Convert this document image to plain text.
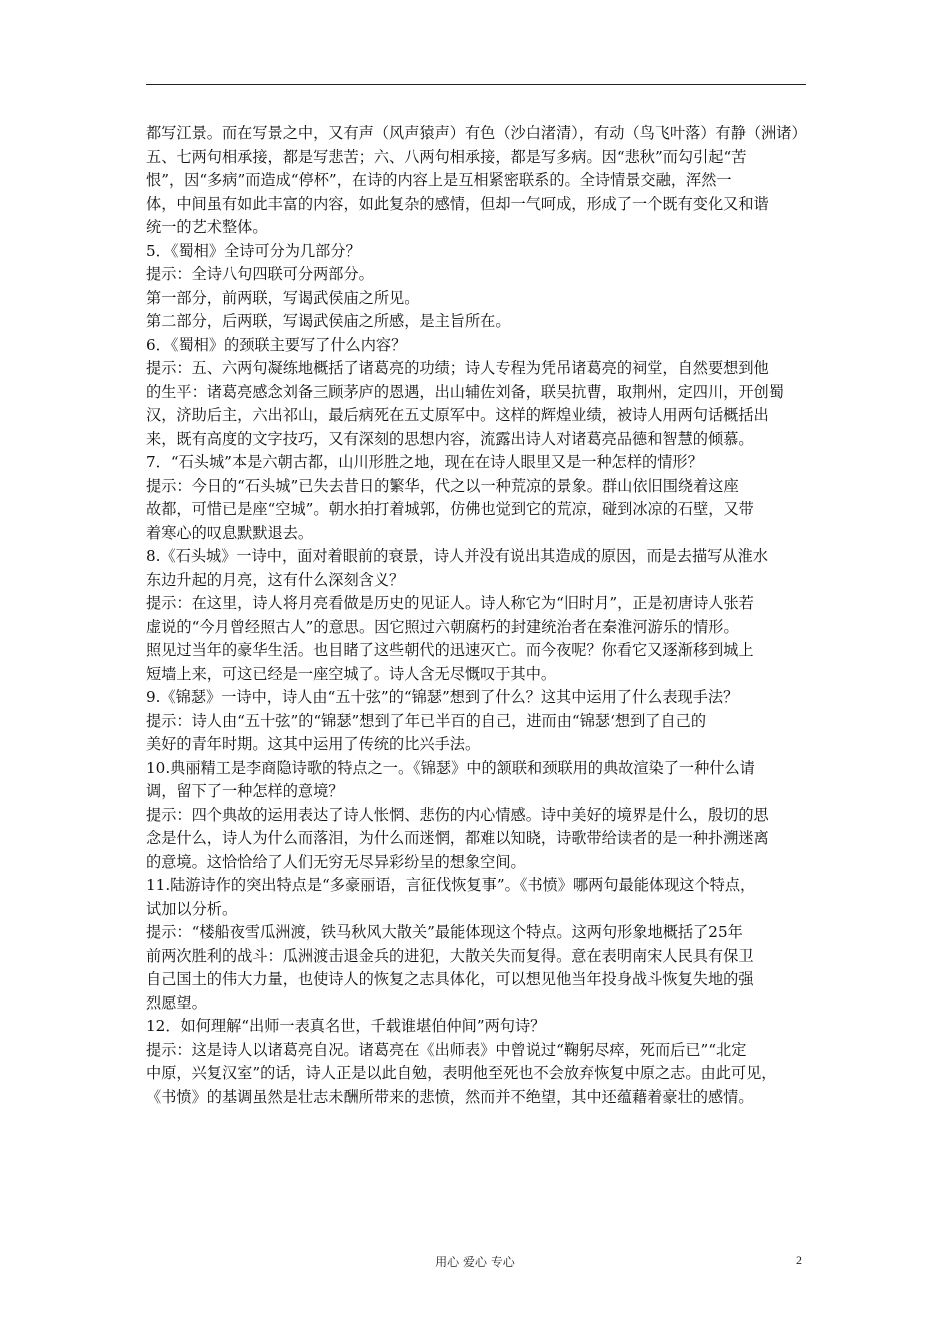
都写江景。而在写景之中，又有声（风声猿声）有色（沙白渚清），有动（鸟飞叶落）有静（洲诸）
五、七两句相承接，都是写悲苦；六、八两句相承接，都是写多病。因“悲秋”而勾引起“苦
恨”，因“多病”而造成“停杯”，在诗的内容上是互相紧密联系的。全诗情景交融，浑然一
体，中间虽有如此丰富的内容，如此复杂的感情，但却一气呵成，形成了一个既有变化又和谐
统一的艺术整体。
5．《蜀相》全诗可分为几部分？
提示：全诗八句四联可分两部分。
第一部分，前两联，写谒武侯庙之所见。
第二部分，后两联，写谒武侯庙之所感，是主旨所在。
6．《蜀相》的颈联主要写了什么内容？
提示：五、六两句凝练地概括了诸葛亮的功绩；诗人专程为凭吊诸葛亮的祠堂，自然要想到他
的生平：诸葛亮感念刘备三顾茅庐的恩遇，出山辅佐刘备，联吴抗曹，取荆州，定四川，开创蜀
汉，济助后主，六出祁山，最后病死在五丈原军中。这样的辉煌业绩，被诗人用两句话概括出
来，既有高度的文字技巧，又有深刻的思想内容，流露出诗人对诸葛亮品德和智慧的倾慕。
7．“石头城”本是六朝古都，山川形胜之地，现在在诗人眼里又是一种怎样的情形？
提示：今日的“石头城”已失去昔日的繁华，代之以一种荒凉的景象。群山依旧围绕着这座
故都，可惜已是座“空城”。朝水拍打着城郭，仿佛也觉到它的荒凉，碰到冰凉的石壁，又带
着寒心的叹息默默退去。
8.《石头城》一诗中，面对着眼前的衰景，诗人并没有说出其造成的原因，而是去描写从淮水
东边升起的月亮，这有什么深刻含义？
提示：在这里，诗人将月亮看做是历史的见证人。诗人称它为“旧时月”，正是初唐诗人张若
虚说的“今月曾经照古人”的意思。因它照过六朝腐朽的封建统治者在秦淮河游乐的情形。
照见过当年的豪华生活。也目睹了这些朝代的迅速灭亡。而今夜呢？你看它又逐渐移到城上
短墙上来，可这已经是一座空城了。诗人含无尽慨叹于其中。
9.《锦瑟》一诗中，诗人由“五十弦”的“锦瑟”想到了什么？这其中运用了什么表现手法？
提示：诗人由“五十弦”的“锦瑟”想到了年已半百的自己，进而由“锦瑟‘想到了自己的
美好的青年时期。这其中运用了传统的比兴手法。
10.典丽精工是李商隐诗歌的特点之一。《锦瑟》中的颔联和颈联用的典故渲染了一种什么请
调，留下了一种怎样的意境？
提示：四个典故的运用表达了诗人怅惘、悲伤的内心情感。诗中美好的境界是什么，殷切的思
念是什么，诗人为什么而落泪，为什么而迷惘，都难以知晓，诗歌带给读者的是一种扑溯迷离
的意境。这恰恰给了人们无穷无尽异彩纷呈的想象空间。
11.陆游诗作的突出特点是“多豪丽语，言征伐恢复事”。《书愤》哪两句最能体现这个特点，
试加以分析。
提示：“楼船夜雪瓜洲渡，铁马秋风大散关”最能体现这个特点。这两句形象地概括了25年
前两次胜利的战斗：瓜洲渡击退金兵的进犯，大散关失而复得。意在表明南宋人民具有保卫
自己国土的伟大力量，也使诗人的恢复之志具体化，可以想见他当年投身战斗恢复失地的强
烈愿望。
12．如何理解“出师一表真名世，千载谁堪伯仲间”两句诗？
提示：这是诗人以诸葛亮自况。诸葛亮在《出师表》中曾说过“鞠躬尽瘁，死而后已”“北定
中原，兴复汉室”的话，诗人正是以此自勉，表明他至死也不会放弃恢复中原之志。由此可见，
《书愤》的基调虽然是壮志未酬所带来的悲愤，然而并不绝望，其中还蕴藉着豪壮的感情。
用心 爱心 专心	2
